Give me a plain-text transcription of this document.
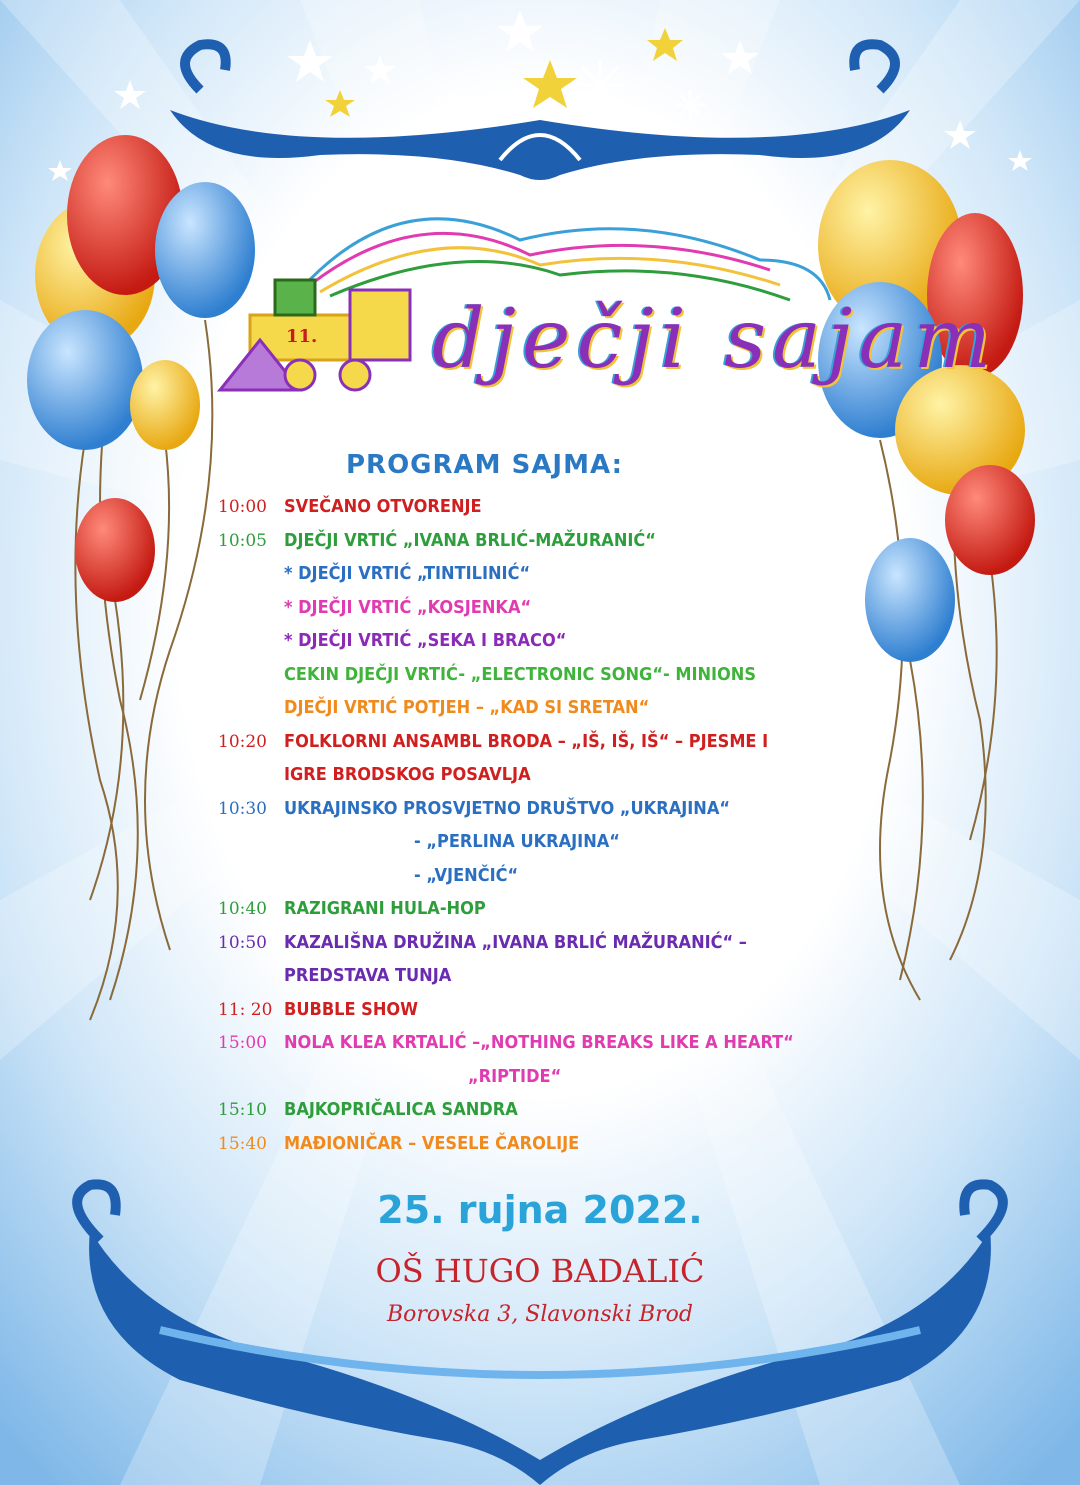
11. dječji sajam
PROGRAM SAJMA:
10:00 SVEČANO OTVORENJE
10:05 DJEČJI VRTIĆ „IVANA BRLIĆ-MAŽURANIĆ“
* DJEČJI VRTIĆ „TINTILINIĆ“
* DJEČJI VRTIĆ „KOSJENKA“
* DJEČJI VRTIĆ „SEKA I BRACO“
CEKIN DJEČJI VRTIĆ- „ELECTRONIC SONG“- MINIONS
DJEČJI VRTIĆ POTJEH – „KAD SI SRETAN“
10:20 FOLKLORNI ANSAMBL BRODA – „IŠ, IŠ, IŠ“ – PJESME I
IGRE BRODSKOG POSAVLJA
10:30 UKRAJINSKO PROSVJETNO DRUŠTVO „UKRAJINA“
- „PERLINA UKRAJINA“
- „VJENČIĆ“
10:40 RAZIGRANI HULA-HOP
10:50 KAZALIŠNA DRUŽINA „IVANA BRLIĆ MAŽURANIĆ“ –
PREDSTAVA TUNJA
11: 20 BUBBLE SHOW
15:00 NOLA KLEA KRTALIĆ –„NOTHING BREAKS LIKE A HEART“
„RIPTIDE“
15:10 BAJKOPRIČALICA SANDRA
15:40 MAĐIONIČAR – VESELE ČAROLIJE
25. rujna 2022.
OŠ HUGO BADALIĆ
Borovska 3, Slavonski Brod
